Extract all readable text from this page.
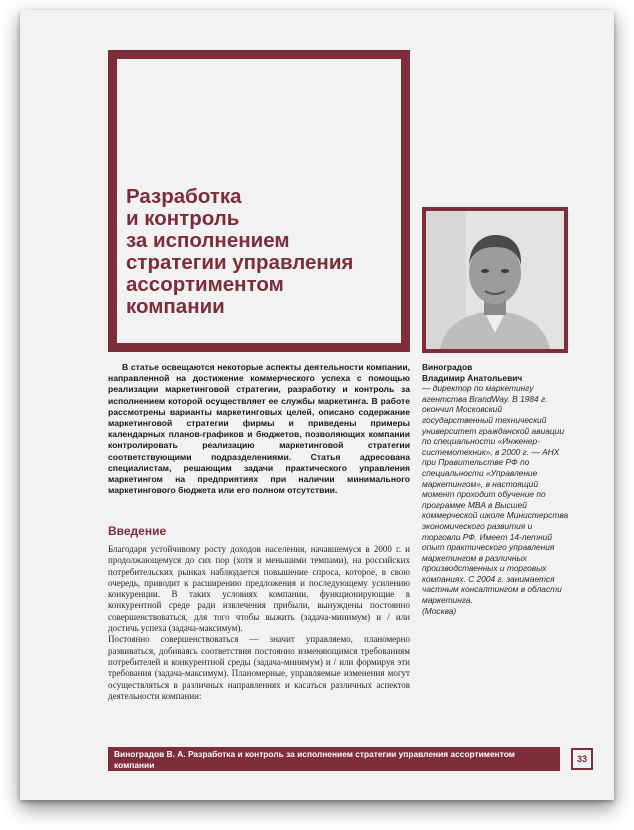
Разработка
и контроль
за исполнением
стратегии управления
ассортиментом
компании
В статье освещаются некоторые аспекты деятельности компании, направленной на достижение коммерческого успеха с помощью реализации маркетинговой стратегии, разработку и контроль за исполнением которой осуществляет ее службы маркетинга. В работе рассмотрены варианты маркетинговых целей, описано содержание маркетинговой стратегии фирмы и приведены примеры календарных планов-графиков и бюджетов, позволяющих компании контролировать реализацию маркетинговой стратегии соответствующими подразделениями. Статья адресована специалистам, решающим задачи практического управления маркетингом на предприятиях при наличии минимального маркетингового бюджета или его полном отсутствии.
Введение

Благодаря устойчивому росту доходов населения, начавшемуся в 2000 г. и продолжающемуся до сих пор (хотя и меньшими темпами), на российских потребительских рынках наблюдается повышение спроса, которое, в свою очередь, приводит к расширению предложения и последующему усилению конкуренции. В таких условиях компании, функционирующие в конкурентной среде ради извлечения прибыли, вынуждены постоянно совершенствоваться, для того чтобы выжить (задача-минимум) и / или достичь успеха (задача-максимум).

Постоянно совершенствоваться — значит управляемо, планомерно развиваться, добиваясь соответствия постоянно изменяющимся требованиям потребителей и конкурентной среды (задача-минимум) и / или формируя эти требования (задача-максимум). Планомерные, управляемые изменения могут осуществляться в различных направлениях и касаться различных аспектов деятельности компании:

Виноградов
Владимир Анатольевич
— директор по маркетингу агентства BrandWay. В 1984 г. окончил Московский государственный технический университет гражданской авиации по специальности «Инженер-системотехник», в 2000 г. — АНХ при Правительстве РФ по специальности «Управление маркетингом», в настоящий момент проходит обучение по программе MBA в Высшей коммерческой школе Министерства экономического развития и торговли РФ. Имеет 14-летний опыт практического управления маркетингом в различных производственных и торговых компаниях. С 2004 г. занимается частным консалтингом в области маркетинга.
(Москва)
Виноградов В. А. Разработка и контроль за исполнением стратегии управления ассортиментом компании
33
